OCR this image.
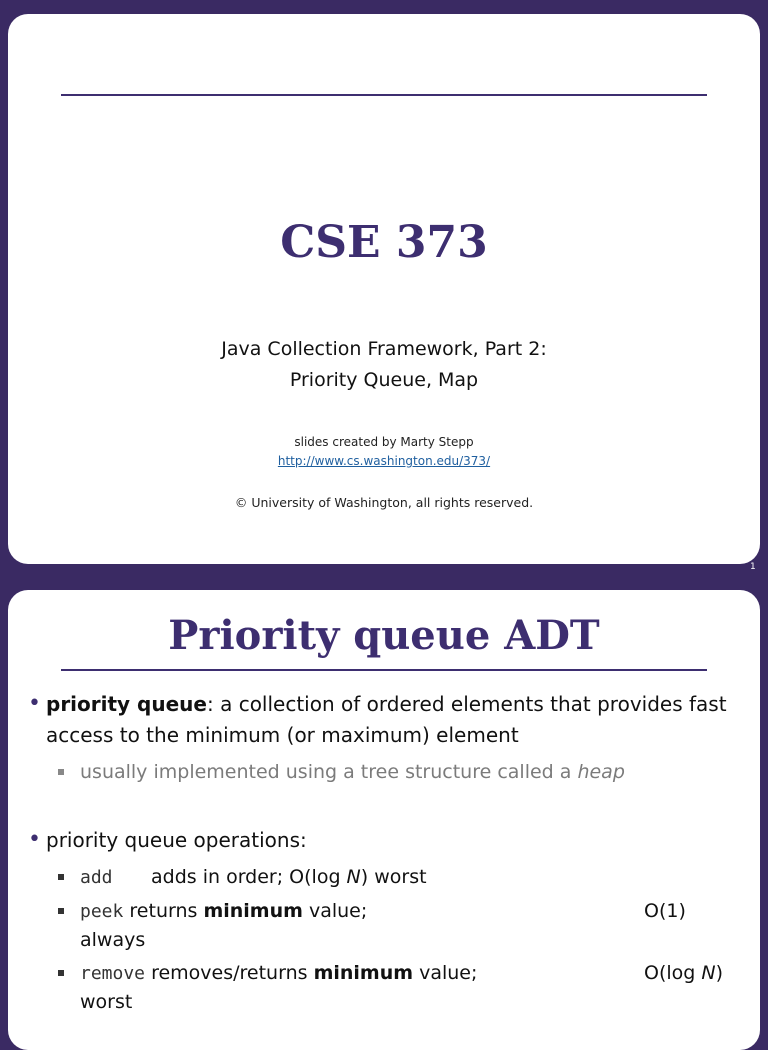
CSE 373
Java Collection Framework, Part 2:
Priority Queue, Map
slides created by Marty Stepp
http://www.cs.washington.edu/373/
© University of Washington, all rights reserved.
1
Priority queue ADT
• priority queue: a collection of ordered elements that provides fast
access to the minimum (or maximum) element
usually implemented using a tree structure called a heap
• priority queue operations:
add adds in order; O(log N) worst
peek returns minimum value;	O(1)

always
remove removes/returns minimum value;	O(log N)

worst
